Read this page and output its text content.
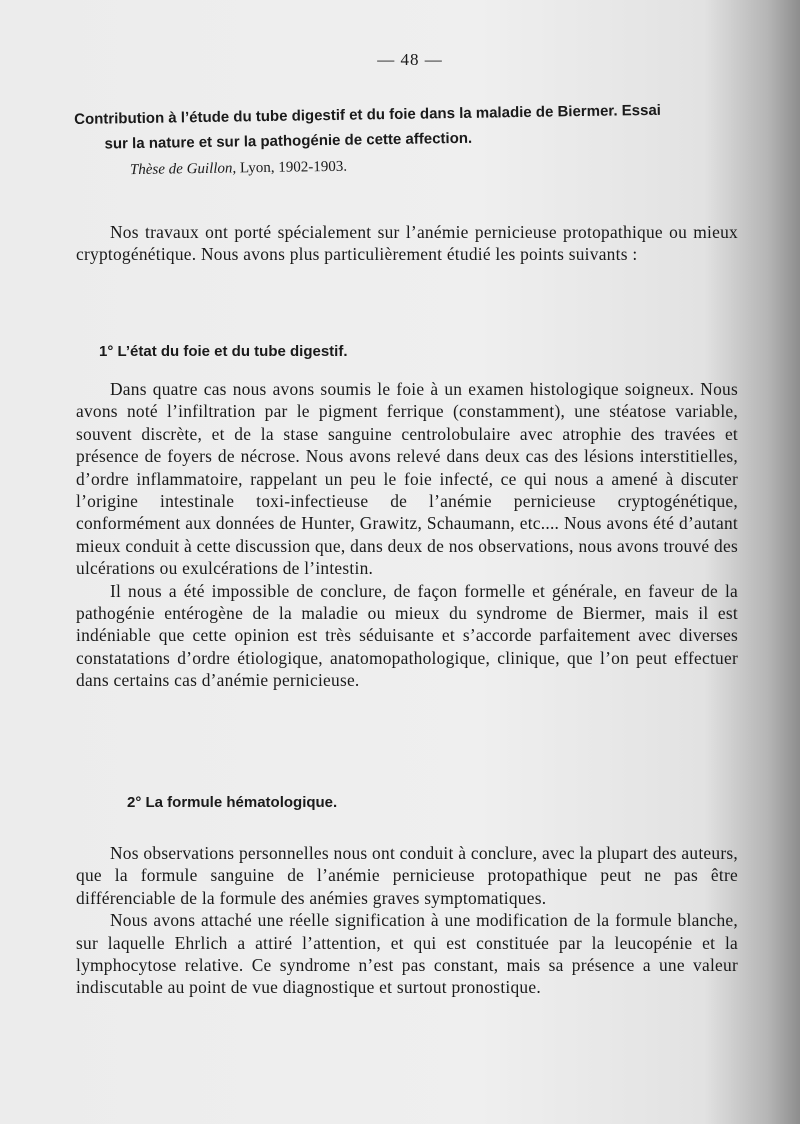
— 48 —
Contribution à l’étude du tube digestif et du foie dans la maladie de Biermer. Essai
sur la nature et sur la pathogénie de cette affection.
Thèse de Guillon, Lyon, 1902-1903.

Nos travaux ont porté spécialement sur l’anémie pernicieuse protopathique ou mieux cryptogénétique. Nous avons plus particulièrement étudié les points suivants :

1° L’état du foie et du tube digestif.

Dans quatre cas nous avons soumis le foie à un examen histologique soigneux. Nous avons noté l’infiltration par le pigment ferrique (constamment), une stéatose variable, souvent discrète, et de la stase sanguine centrolobulaire avec atrophie des travées et présence de foyers de nécrose. Nous avons relevé dans deux cas des lésions interstitielles, d’ordre inflammatoire, rappelant un peu le foie infecté, ce qui nous a amené à discuter l’origine intestinale toxi-infectieuse de l’anémie pernicieuse cryptogénétique, conformément aux données de Hunter, Grawitz, Schaumann, etc.... Nous avons été d’autant mieux conduit à cette discussion que, dans deux de nos observations, nous avons trouvé des ulcérations ou exulcérations de l’intestin.

Il nous a été impossible de conclure, de façon formelle et générale, en faveur de la pathogénie entérogène de la maladie ou mieux du syndrome de Biermer, mais il est indéniable que cette opinion est très séduisante et s’accorde parfaitement avec diverses constatations d’ordre étiologique, anatomopathologique, clinique, que l’on peut effectuer dans certains cas d’anémie pernicieuse.

2° La formule hématologique.

Nos observations personnelles nous ont conduit à conclure, avec la plupart des auteurs, que la formule sanguine de l’anémie pernicieuse protopathique peut ne pas être différenciable de la formule des anémies graves symptomatiques.

Nous avons attaché une réelle signification à une modification de la formule blanche, sur laquelle Ehrlich a attiré l’attention, et qui est constituée par la leucopénie et la lymphocytose relative. Ce syndrome n’est pas constant, mais sa présence a une valeur indiscutable au point de vue diagnostique et surtout pronostique.
